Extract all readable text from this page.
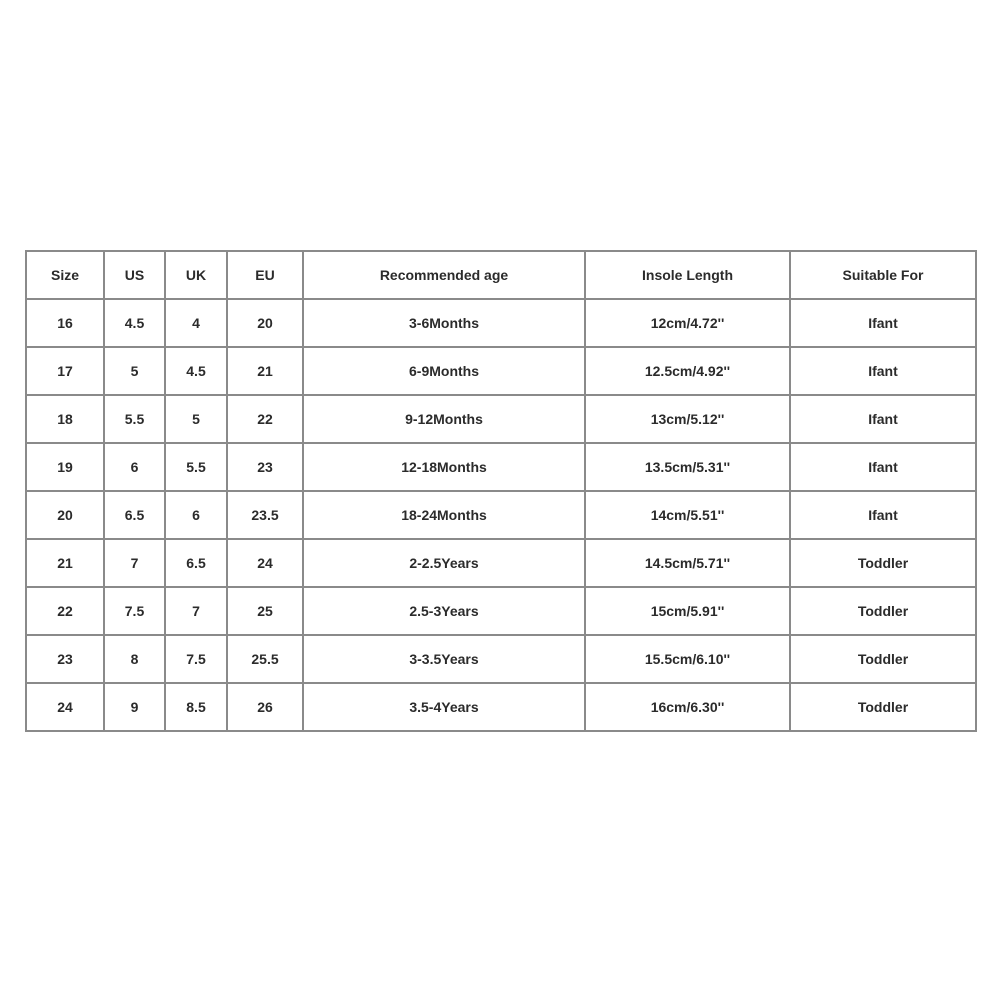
Size	US	UK	EU	Recommended age	Insole Length	Suitable For
16	4.5	4	20	3-6Months	12cm/4.72''	Ifant
17	5	4.5	21	6-9Months	12.5cm/4.92''	Ifant
18	5.5	5	22	9-12Months	13cm/5.12''	Ifant
19	6	5.5	23	12-18Months	13.5cm/5.31''	Ifant
20	6.5	6	23.5	18-24Months	14cm/5.51''	Ifant
21	7	6.5	24	2-2.5Years	14.5cm/5.71''	Toddler
22	7.5	7	25	2.5-3Years	15cm/5.91''	Toddler
23	8	7.5	25.5	3-3.5Years	15.5cm/6.10''	Toddler
24	9	8.5	26	3.5-4Years	16cm/6.30''	Toddler
